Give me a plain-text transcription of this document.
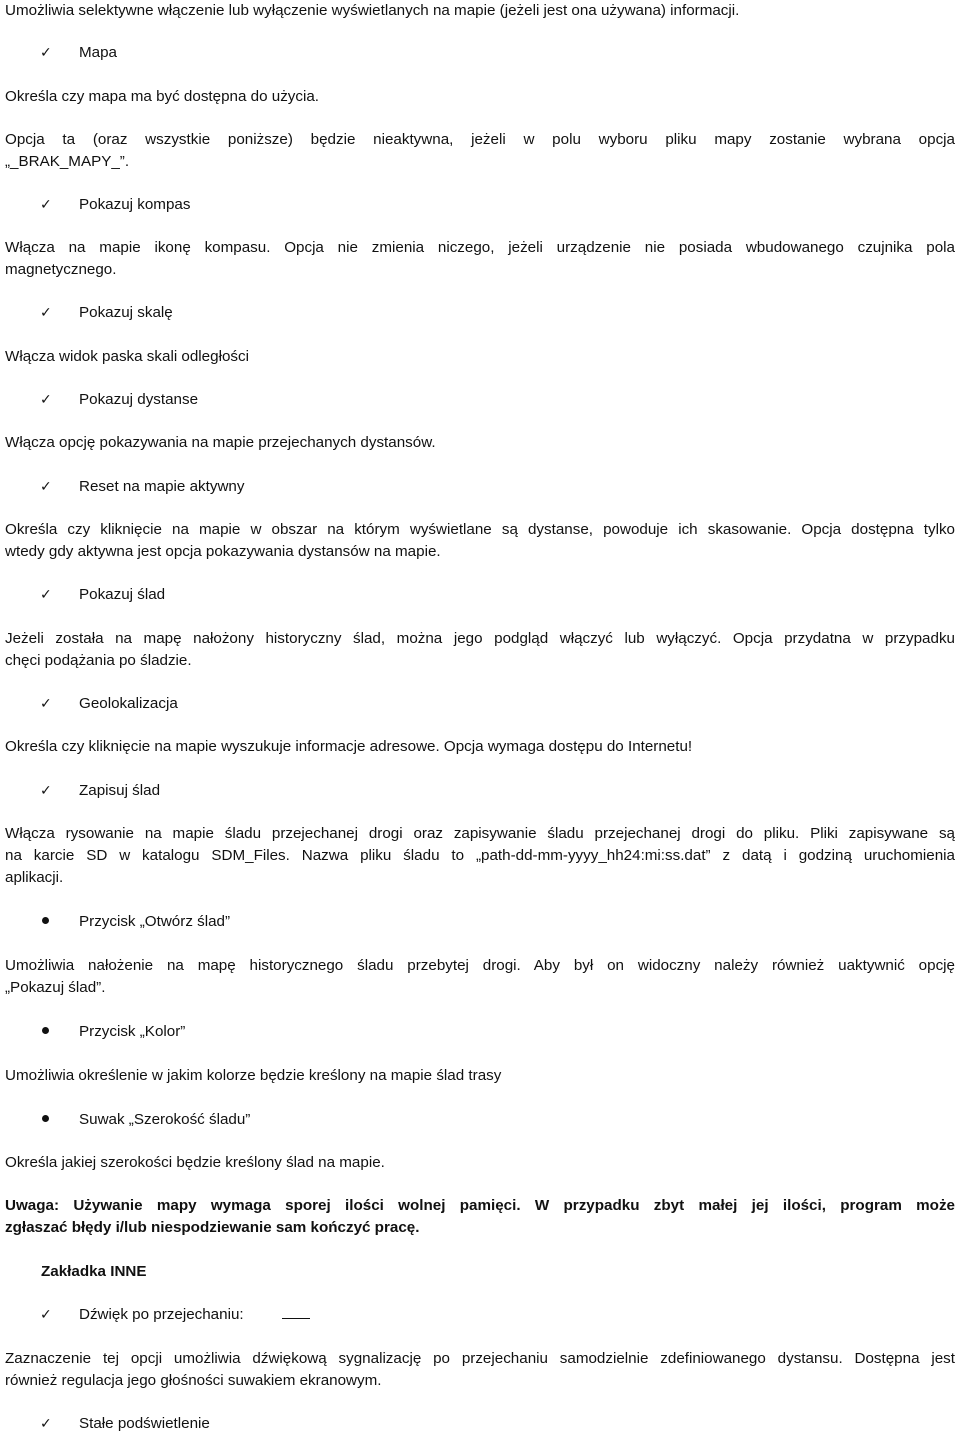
Umożliwia selektywne włączenie lub wyłączenie wyświetlanych na mapie (jeżeli jest ona używana) informacji.
✓ Mapa
Określa czy mapa ma być dostępna do użycia.
Opcja ta (oraz wszystkie poniższe) będzie nieaktywna, jeżeli w polu wyboru pliku mapy zostanie wybrana opcja
„_BRAK_MAPY_”.
✓ Pokazuj kompas
Włącza na mapie ikonę kompasu. Opcja nie zmienia niczego, jeżeli urządzenie nie posiada wbudowanego czujnika pola
magnetycznego.
✓ Pokazuj skalę
Włącza widok paska skali odległości
✓ Pokazuj dystanse
Włącza opcję pokazywania na mapie przejechanych dystansów.
✓ Reset na mapie aktywny
Określa czy kliknięcie na mapie w obszar na którym wyświetlane są dystanse, powoduje ich skasowanie. Opcja dostępna tylko
wtedy gdy aktywna jest opcja pokazywania dystansów na mapie.
✓ Pokazuj ślad
Jeżeli została na mapę nałożony historyczny ślad, można jego podgląd włączyć lub wyłączyć. Opcja przydatna w przypadku
chęci podążania po śladzie.
✓ Geolokalizacja
Określa czy kliknięcie na mapie wyszukuje informacje adresowe. Opcja wymaga dostępu do Internetu!
✓ Zapisuj ślad
Włącza rysowanie na mapie śladu przejechanej drogi oraz zapisywanie śladu przejechanej drogi do pliku. Pliki zapisywane są
na karcie SD w katalogu SDM_Files. Nazwa pliku śladu to „path-dd-mm-yyyy_hh24:mi:ss.dat” z datą i godziną uruchomienia
aplikacji.
Przycisk „Otwórz ślad”
Umożliwia nałożenie na mapę historycznego śladu przebytej drogi. Aby był on widoczny należy również uaktywnić opcję
„Pokazuj ślad”.
Przycisk „Kolor”
Umożliwia określenie w jakim kolorze będzie kreślony na mapie ślad trasy
Suwak „Szerokość śladu”
Określa jakiej szerokości będzie kreślony ślad na mapie.
Uwaga: Używanie mapy wymaga sporej ilości wolnej pamięci. W przypadku zbyt małej jej ilości, program może
zgłaszać błędy i/lub niespodziewanie sam kończyć pracę.
Zakładka INNE
✓ Dźwięk po przejechaniu:
Zaznaczenie tej opcji umożliwia dźwiękową sygnalizację po przejechaniu samodzielnie zdefiniowanego dystansu. Dostępna jest
również regulacja jego głośności suwakiem ekranowym.
✓ Stałe podświetlenie
